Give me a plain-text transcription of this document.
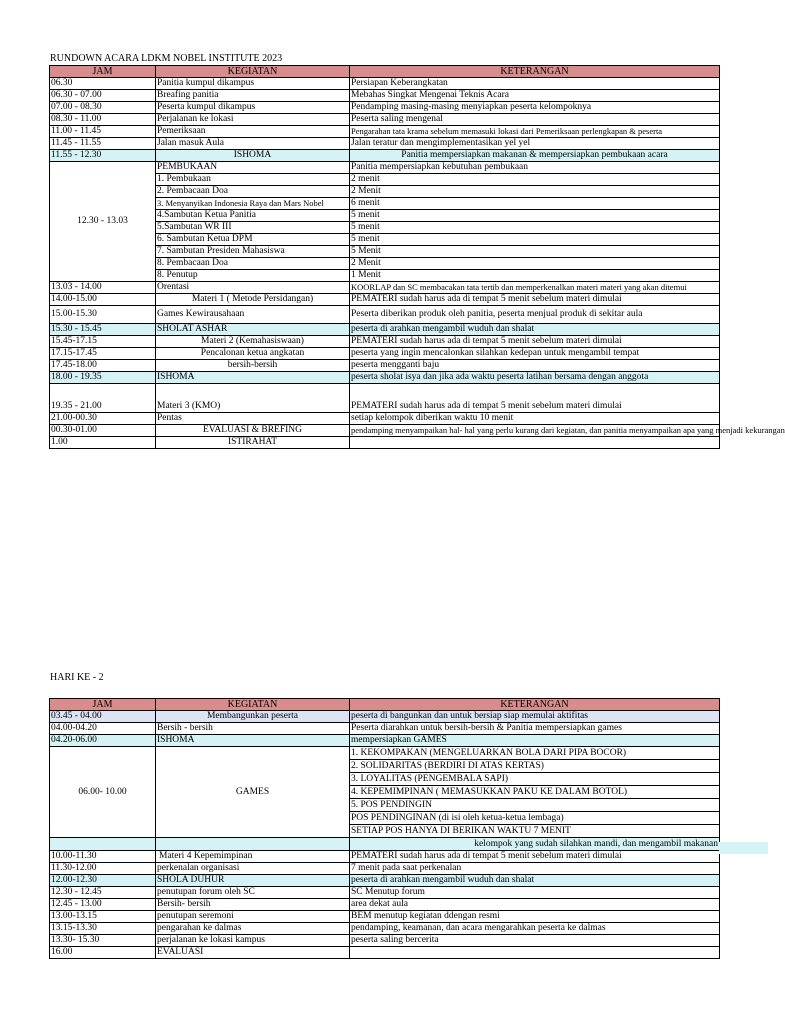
RUNDOWN ACARA LDKM NOBEL INSTITUTE 2023
JAM	KEGIATAN	KETERANGAN
06.30	Panitia kumpul dikampus	Persiapan Keberangkatan
06.30 - 07.00	Breafing panitia	Mebahas Singkat Mengenai Teknis Acara
07.00 - 08.30	Peserta kumpul dikampus	Pendamping masing-masing menyiapkan peserta kelompoknya
08.30 - 11.00	Perjalanan ke lokasi	Peserta saling mengenal
11.00 - 11.45	Pemeriksaan	Pengarahan tata krama sebelum memasuki lokasi dari Pemeriksaan perlengkapan & peserta
11.45 - 11.55	Jalan masuk Aula	Jalan teratur dan mengimplementasikan yel yel
11.55 - 12.30	ISHOMA	Panitia mempersiapkan makanan & mempersiapkan pembukaan acara
12.30 - 13.03	PEMBUKAAN	Panitia mempersiapkan kebutuhan pembukaan
	1. Pembukaan	2 menit
	2. Pembacaan Doa	2 Menit
	3. Menyanyikan Indonesia Raya dan Mars Nobel	6 menit
	4.Sambutan Ketua Panitia	5 menit
	5.Sambutan WR III	5 menit
	6. Sambutan Ketua DPM	5 menit
	7. Sambutan Presiden Mahasiswa	5 Menit
	8. Pembacaan Doa	2 Menit
	8. Penutup	1 Menit
13.03 - 14.00	Orentasi	KOORLAP dan SC membacakan tata tertib dan memperkenalkan materi materi yang akan ditemui
14.00-15.00	Materi 1 ( Metode Persidangan)	PEMATERI sudah harus ada di tempat 5 menit sebelum materi dimulai
15.00-15.30	Games Kewirausahaan	Peserta diberikan produk oleh panitia, peserta menjual produk di sekitar aula
15.30 - 15.45	SHOLAT ASHAR	peserta di arahkan mengambil wuduh dan shalat
15.45-17.15	Materi 2 (Kemahasiswaan)	PEMATERI sudah harus ada di tempat 5 menit sebelum materi dimulai
17.15-17.45	Pencalonan ketua angkatan	peserta yang ingin mencalonkan silahkan kedepan untuk mengambil tempat
17.45-18.00	bersih-bersih	peserta mengganti baju
18.00 - 19.35	ISHOMA	peserta sholat isya dan jika ada waktu peserta latihan bersama dengan anggota
19.35 - 21.00	Materi 3 (KMO)	PEMATERI sudah harus ada di tempat 5 menit sebelum materi dimulai
21.00-00.30	Pentas	setiap kelompok diberikan waktu 10 menit
00.30-01.00	EVALUASI & BREFING	pendamping menyampaikan hal- hal yang perlu kurang dari kegiatan, dan panitia menyampaikan apa yang menjadi kekurangan
1.00	ISTIRAHAT	
HARI KE - 2
JAM	KEGIATAN	KETERANGAN
03.45 - 04.00	Membangunkan peserta	peserta di bangunkan dan untuk bersiap siap memulai aktifitas
04.00-04.20	Bersih - bersih	Peserta diarahkan untuk bersih-bersih & Panitia mempersiapkan games
04.20-06.00	ISHOMA	mempersiapkan GAMES
06.00- 10.00	GAMES	1. KEKOMPAKAN (MENGELUARKAN BOLA DARI PIPA BOCOR)
		2. SOLIDARITAS (BERDIRI DI ATAS KERTAS)
		3. LOYALITAS (PENGEMBALA SAPI)
		4. KEPEMIMPINAN ( MEMASUKKAN PAKU KE DALAM BOTOL)
		5. POS PENDINGIN
		POS PENDINGINAN (di isi oleh ketua-ketua lembaga)
		SETIAP POS HANYA DI BERIKAN WAKTU 7 MENIT
		kelompok yang sudah silahkan mandi, dan mengambil makanan
10.00-11.30	Materi 4 Kepemimpinan	PEMATERI sudah harus ada di tempat 5 menit sebelum materi dimulai
11.30-12.00	perkenalan organisasi	7 menit pada saat perkenalan
12.00-12.30	SHOLA DUHUR	peserta di arahkan mengambil wuduh dan shalat
12.30 - 12.45	penutupan forum oleh SC	SC Menutup forum
12.45 - 13.00	Bersih- bersih	area dekat aula
13.00-13.15	penutupan seremoni	BEM menutup kegiatan ddengan resmi
13.15-13.30	pengarahan ke dalmas	pendamping, keamanan, dan acara mengarahkan peserta ke dalmas
13.30- 15.30	perjalanan ke lokasi kampus	peserta saling bercerita
16.00	EVALUASI	
